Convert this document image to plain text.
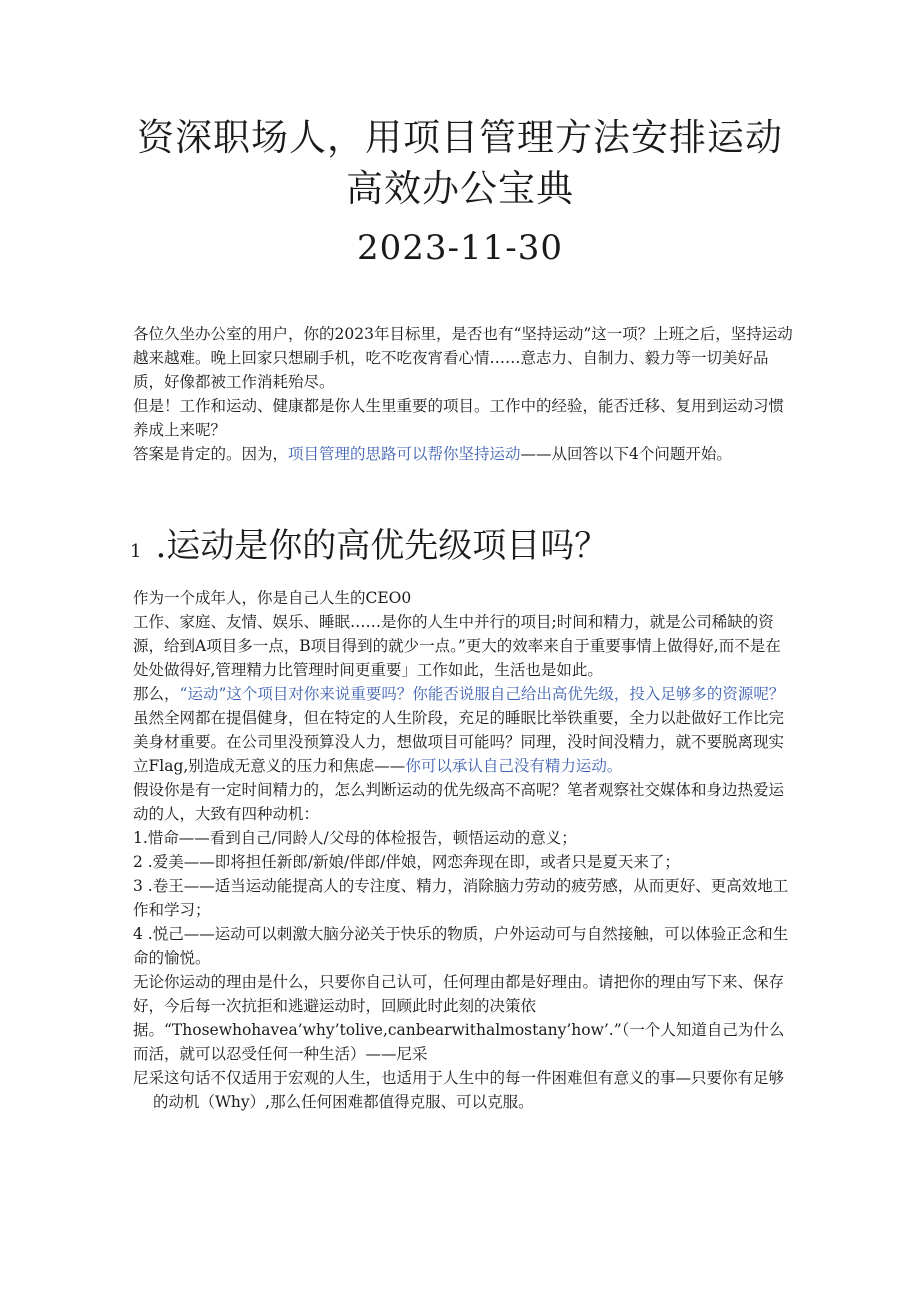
资深职场人，用项目管理方法安排运动
高效办公宝典
2023-11-30

各位久坐办公室的用户，你的2023年目标里，是否也有“坚持运动”这一项？上班之后，坚持运动越来越难。晚上回家只想刷手机，吃不吃夜宵看心情……意志力、自制力、毅力等一切美好品质，好像都被工作消耗殆尽。

但是！工作和运动、健康都是你人生里重要的项目。工作中的经验，能否迁移、复用到运动习惯养成上来呢？

答案是肯定的。因为，项目管理的思路可以帮你坚持运动——从回答以下4个问题开始。

1 .运动是你的高优先级项目吗？

作为一个成年人，你是自己人生的CEO0

工作、家庭、友情、娱乐、睡眠……是你的人生中并行的项目;时间和精力，就是公司稀缺的资源，给到A项目多一点，B项目得到的就少一点。”更大的效率来自于重要事情上做得好,而不是在处处做得好,管理精力比管理时间更重要」工作如此，生活也是如此。

那么，“运动”这个项目对你来说重要吗？你能否说服自己给出高优先级，投入足够多的资源呢？

虽然全网都在提倡健身，但在特定的人生阶段，充足的睡眠比举铁重要，全力以赴做好工作比完美身材重要。在公司里没预算没人力，想做项目可能吗？同理，没时间没精力，就不要脱离现实立Flag,别造成无意义的压力和焦虑——你可以承认自己没有精力运动。

假设你是有一定时间精力的，怎么判断运动的优先级高不高呢？笔者观察社交媒体和身边热爱运动的人，大致有四种动机：

1.惜命——看到自己/同龄人/父母的体检报告，顿悟运动的意义；

2 .爱美——即将担任新郎/新娘/伴郎/伴娘，网恋奔现在即，或者只是夏天来了；

3 .卷王——适当运动能提高人的专注度、精力，消除脑力劳动的疲劳感，从而更好、更高效地工作和学习；

4 .悦己——运动可以刺激大脑分泌关于快乐的物质，户外运动可与自然接触，可以体验正念和生命的愉悦。

无论你运动的理由是什么，只要你自己认可，任何理由都是好理由。请把你的理由写下来、保存好，今后每一次抗拒和逃避运动时，回顾此时此刻的决策依据。“Thosewhohavea’why’tolive,canbearwithalmostany’how’.”（一个人知道自己为什么而活，就可以忍受任何一种生活）——尼采

尼采这句话不仅适用于宏观的人生，也适用于人生中的每一件困难但有意义的事—只要你有足够的动机（Why）,那么任何困难都值得克服、可以克服。
